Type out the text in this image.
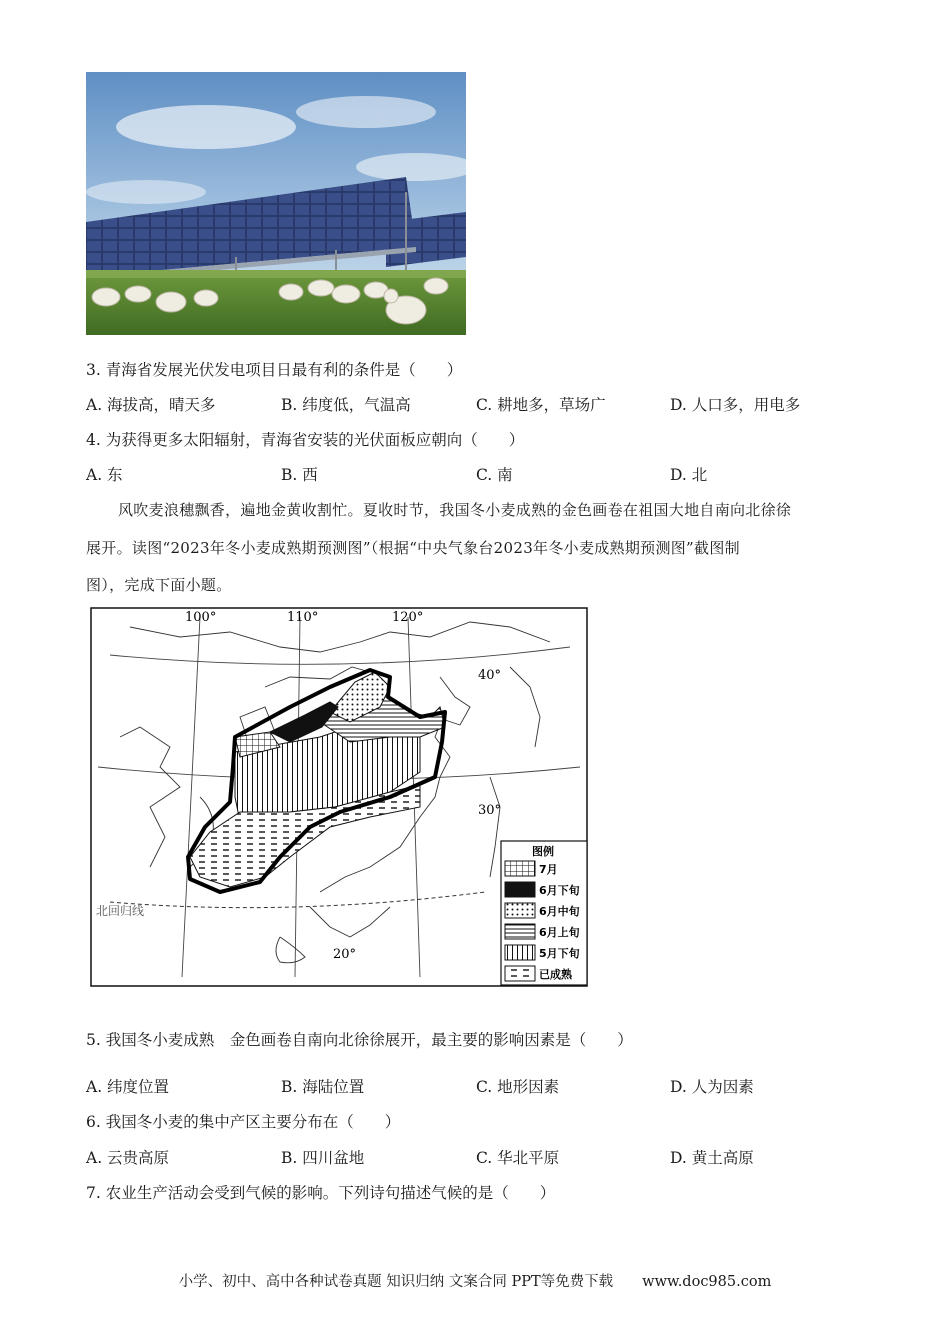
3. 青海省发展光伏发电项目日最有利的条件是（　　）
A. 海拔高，晴天多	B. 纬度低，气温高	C. 耕地多，草场广	D. 人口多，用电多
4. 为获得更多太阳辐射，青海省安装的光伏面板应朝向（　　）
A. 东	B. 西	C. 南	D. 北
风吹麦浪穗飘香，遍地金黄收割忙。夏收时节，我国冬小麦成熟的金色画卷在祖国大地自南向北徐徐
展开。读图“2023年冬小麦成熟期预测图”（根据“中央气象台2023年冬小麦成熟期预测图”截图制
图），完成下面小题。
100°	110°	120°
40°
30°
20°
北回归线
图例
7月
6月下旬
6月中旬
6月上旬
5月下旬
已成熟
5. 我国冬小麦成熟　金色画卷自南向北徐徐展开，最主要的影响因素是（　　）
A. 纬度位置	B. 海陆位置	C. 地形因素	D. 人为因素
6. 我国冬小麦的集中产区主要分布在（　　）
A. 云贵高原	B. 四川盆地	C. 华北平原	D. 黄土高原
7. 农业生产活动会受到气候的影响。下列诗句描述气候的是（　　）
小学、初中、高中各种试卷真题 知识归纳 文案合同 PPT等免费下载　　www.doc985.com
